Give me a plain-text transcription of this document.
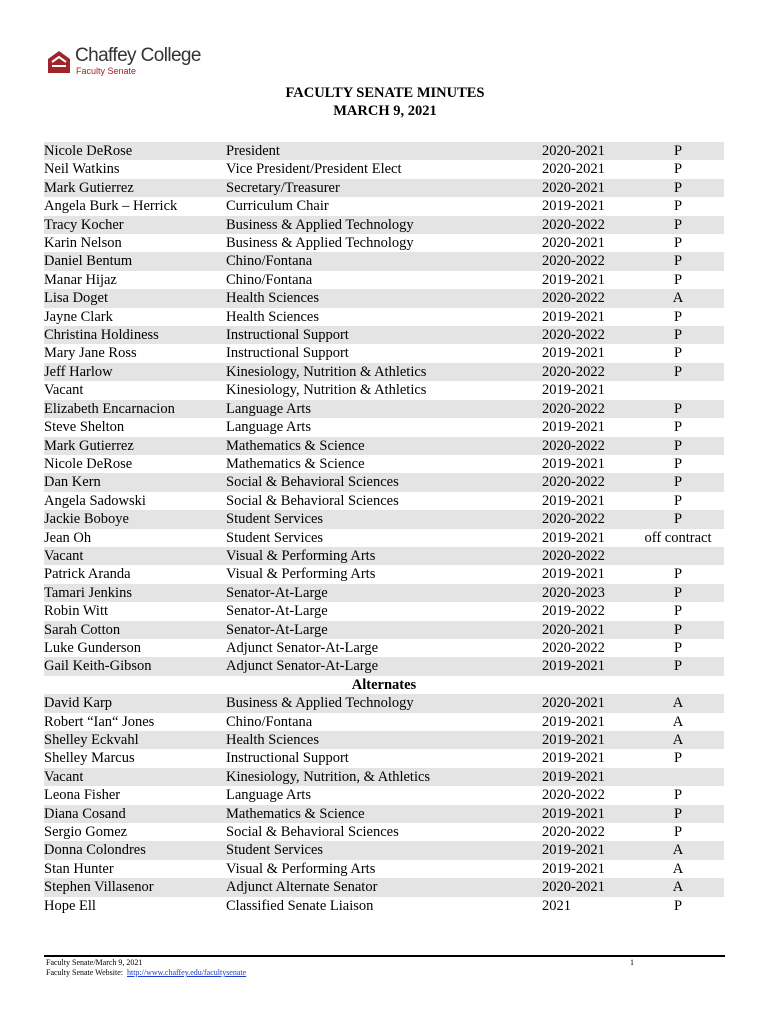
Chaffey College
Faculty Senate
FACULTY SENATE MINUTES
MARCH 9, 2021
Nicole DeRose	President	2020-2021	P
Neil Watkins	Vice President/President Elect	2020-2021	P
Mark Gutierrez	Secretary/Treasurer	2020-2021	P
Angela Burk – Herrick	Curriculum Chair	2019-2021	P
Tracy Kocher	Business & Applied Technology	2020-2022	P
Karin Nelson	Business & Applied Technology	2020-2021	P
Daniel Bentum	Chino/Fontana	2020-2022	P
Manar Hijaz	Chino/Fontana	2019-2021	P
Lisa Doget	Health Sciences	2020-2022	A
Jayne Clark	Health Sciences	2019-2021	P
Christina Holdiness	Instructional Support	2020-2022	P
Mary Jane Ross	Instructional Support	2019-2021	P
Jeff Harlow	Kinesiology, Nutrition & Athletics	2020-2022	P
Vacant	Kinesiology, Nutrition & Athletics	2019-2021	
Elizabeth Encarnacion	Language Arts	2020-2022	P
Steve Shelton	Language Arts	2019-2021	P
Mark Gutierrez	Mathematics & Science	2020-2022	P
Nicole DeRose	Mathematics & Science	2019-2021	P
Dan Kern	Social & Behavioral Sciences	2020-2022	P
Angela Sadowski	Social & Behavioral Sciences	2019-2021	P
Jackie Boboye	Student Services	2020-2022	P
Jean Oh	Student Services	2019-2021	off contract
Vacant	Visual & Performing Arts	2020-2022	
Patrick Aranda	Visual & Performing Arts	2019-2021	P
Tamari Jenkins	Senator-At-Large	2020-2023	P
Robin Witt	Senator-At-Large	2019-2022	P
Sarah Cotton	Senator-At-Large	2020-2021	P
Luke Gunderson	Adjunct Senator-At-Large	2020-2022	P
Gail Keith-Gibson	Adjunct Senator-At-Large	2019-2021	P
Alternates			
David Karp	Business & Applied Technology	2020-2021	A
Robert “Ian“ Jones	Chino/Fontana	2019-2021	A
Shelley Eckvahl	Health Sciences	2019-2021	A
Shelley Marcus	Instructional Support	2019-2021	P
Vacant	Kinesiology, Nutrition, & Athletics	2019-2021	
Leona Fisher	Language Arts	2020-2022	P
Diana Cosand	Mathematics & Science	2019-2021	P
Sergio Gomez	Social & Behavioral Sciences	2020-2022	P
Donna Colondres	Student Services	2019-2021	A
Stan Hunter	Visual & Performing Arts	2019-2021	A
Stephen Villasenor	Adjunct Alternate Senator	2020-2021	A
Hope Ell	Classified Senate Liaison	2021	P
Faculty Senate/March 9, 2021
Faculty Senate Website: http://www.chaffey.edu/facultysenate
1
